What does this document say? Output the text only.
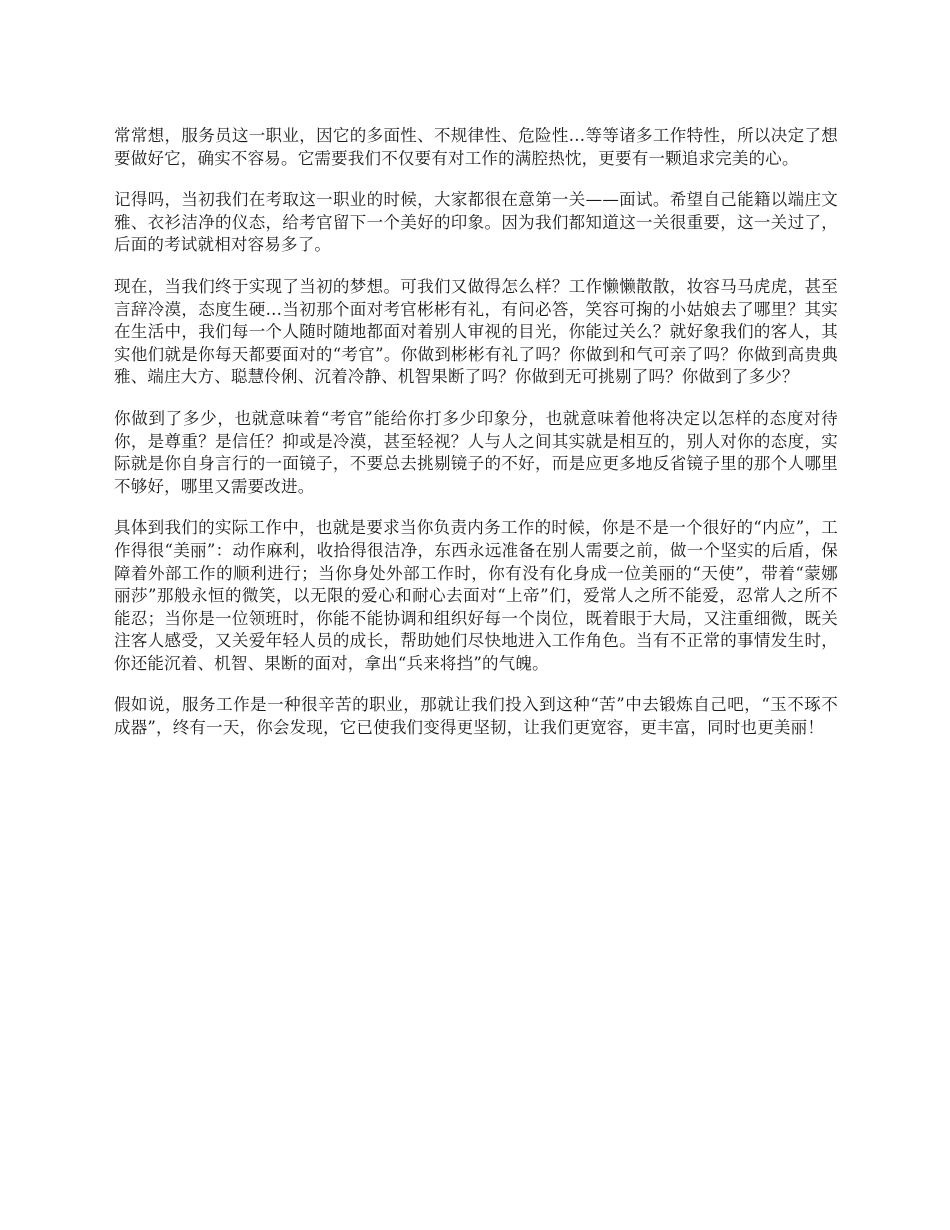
常常想，服务员这一职业，因它的多面性、不规律性、危险性…等等诸多工作特性，所以决定了想要做好它，确实不容易。它需要我们不仅要有对工作的满腔热忱，更要有一颗追求完美的心。

记得吗，当初我们在考取这一职业的时候，大家都很在意第一关——面试。希望自己能籍以端庄文雅、衣衫洁净的仪态，给考官留下一个美好的印象。因为我们都知道这一关很重要，这一关过了，后面的考试就相对容易多了。

现在，当我们终于实现了当初的梦想。可我们又做得怎么样？工作懒懒散散，妆容马马虎虎，甚至言辞冷漠，态度生硬…当初那个面对考官彬彬有礼，有问必答，笑容可掬的小姑娘去了哪里？其实在生活中，我们每一个人随时随地都面对着别人审视的目光，你能过关么？就好象我们的客人，其实他们就是你每天都要面对的“考官”。你做到彬彬有礼了吗？你做到和气可亲了吗？你做到高贵典雅、端庄大方、聪慧伶俐、沉着冷静、机智果断了吗？你做到无可挑剔了吗？你做到了多少？

你做到了多少，也就意味着“考官”能给你打多少印象分，也就意味着他将决定以怎样的态度对待你，是尊重？是信任？抑或是冷漠，甚至轻视？人与人之间其实就是相互的，别人对你的态度，实际就是你自身言行的一面镜子，不要总去挑剔镜子的不好，而是应更多地反省镜子里的那个人哪里不够好，哪里又需要改进。

具体到我们的实际工作中，也就是要求当你负责内务工作的时候，你是不是一个很好的“内应”，工作得很“美丽”：动作麻利，收拾得很洁净，东西永远准备在别人需要之前，做一个坚实的后盾，保障着外部工作的顺利进行；当你身处外部工作时，你有没有化身成一位美丽的“天使”，带着“蒙娜丽莎”那般永恒的微笑，以无限的爱心和耐心去面对“上帝”们，爱常人之所不能爱，忍常人之所不能忍；当你是一位领班时，你能不能协调和组织好每一个岗位，既着眼于大局，又注重细微，既关注客人感受，又关爱年轻人员的成长，帮助她们尽快地进入工作角色。当有不正常的事情发生时，你还能沉着、机智、果断的面对，拿出“兵来将挡”的气魄。

假如说，服务工作是一种很辛苦的职业，那就让我们投入到这种“苦”中去锻炼自己吧，“玉不琢不成器”，终有一天，你会发现，它已使我们变得更坚韧，让我们更宽容，更丰富，同时也更美丽！
